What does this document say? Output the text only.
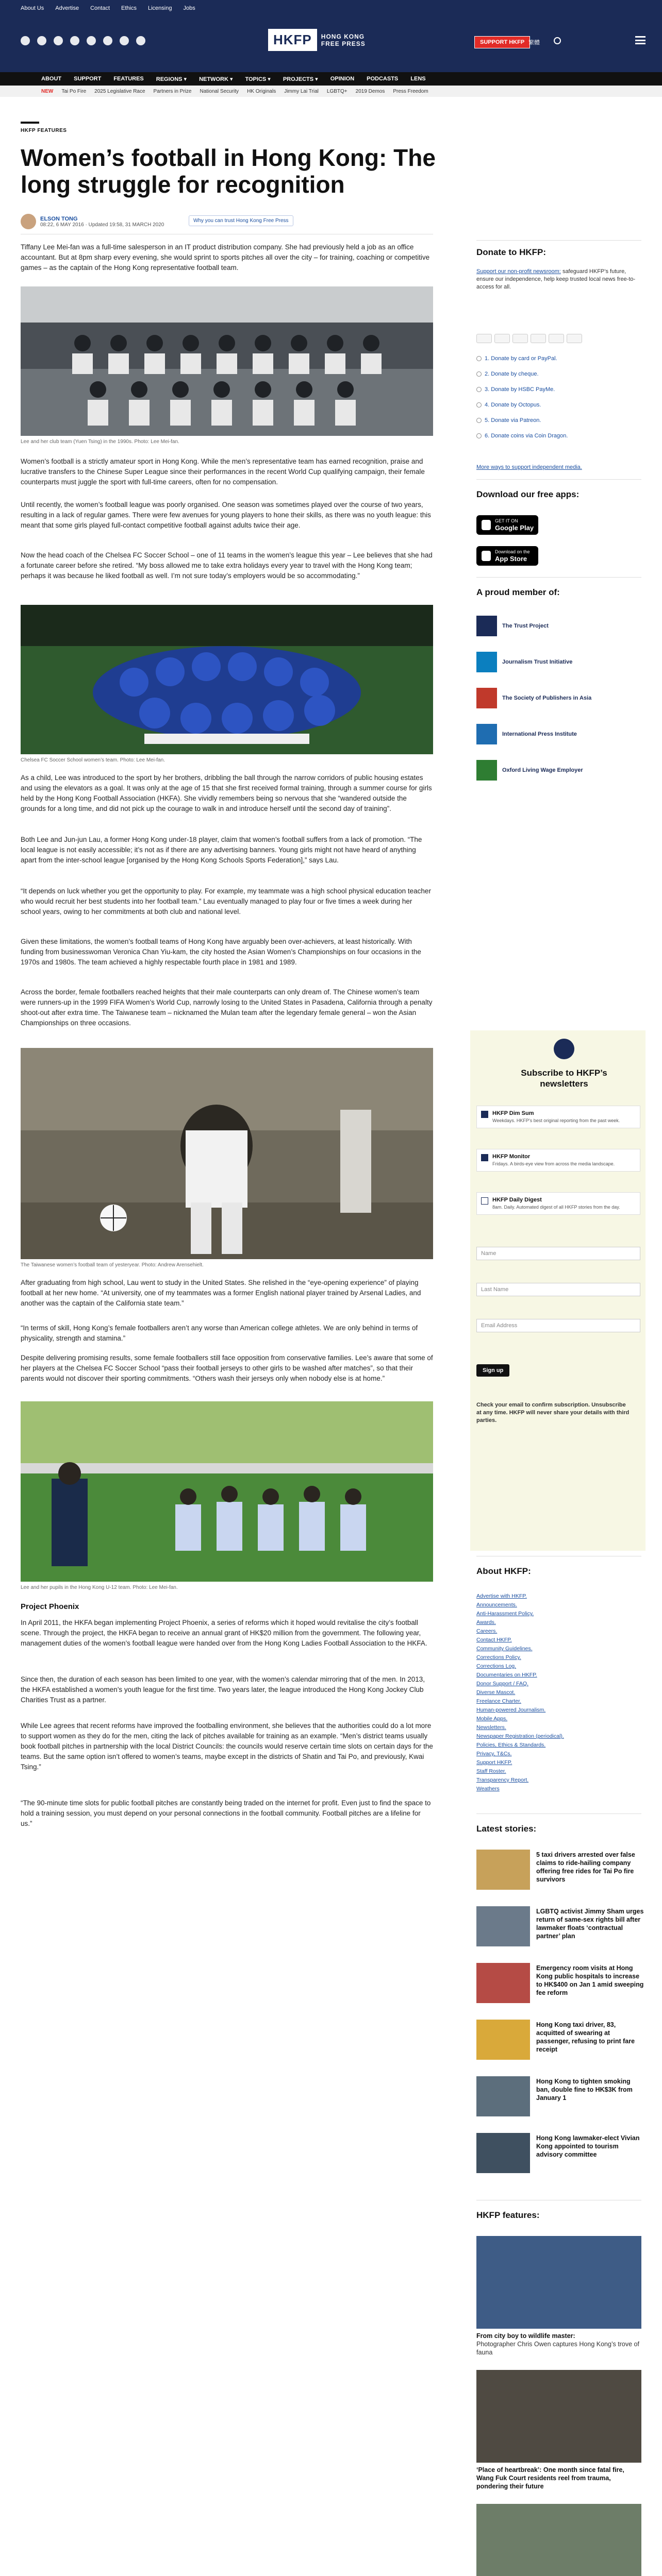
About Us Advertise Contact Ethics Licensing Jobs
HKFP	HONG KONG
FREE PRESS	SUPPORT HKFP 繁體
ABOUT SUPPORT FEATURES REGIONS ▾ NETWORK ▾ TOPICS ▾ PROJECTS ▾ OPINION PODCASTS LENS
NEW Tai Po Fire 2025 Legislative Race Partners in Prize National Security HK Originals Jimmy Lai Trial LGBTQ+ 2019 Demos Press Freedom
HKFP FEATURES
Women’s football in Hong Kong: The long struggle for recognition
ELSON TONG
08:22, 6 MAY 2016 · Updated 19:58, 31 MARCH 2020
Why you can trust Hong Kong Free Press

Tiffany Lee Mei-fan was a full-time salesperson in an IT product distribution company. She had previously held a job as an office accountant. But at 8pm sharp every evening, she would sprint to sports pitches all over the city – for training, coaching or competitive games – as the captain of the Hong Kong representative football team.

Lee and her club team (Yuen Tsing) in the 1990s. Photo: Lee Mei-fan.

Women’s football is a strictly amateur sport in Hong Kong. While the men’s representative team has earned recognition, praise and lucrative transfers to the Chinese Super League since their performances in the recent World Cup qualifying campaign, their female counterparts must juggle the sport with full-time careers, often for no compensation.

Until recently, the women’s football league was poorly organised. One season was sometimes played over the course of two years, resulting in a lack of regular games. There were few avenues for young players to hone their skills, as there was no youth league: this meant that some girls played full-contact competitive football against adults twice their age.

Now the head coach of the Chelsea FC Soccer School – one of 11 teams in the women’s league this year – Lee believes that she had a fortunate career before she retired. “My boss allowed me to take extra holidays every year to travel with the Hong Kong team; perhaps it was because he liked football as well. I’m not sure today’s employers would be so accommodating.”

Chelsea FC Soccer School women’s team. Photo: Lee Mei-fan.

As a child, Lee was introduced to the sport by her brothers, dribbling the ball through the narrow corridors of public housing estates and using the elevators as a goal. It was only at the age of 15 that she first received formal training, through a summer course for girls held by the Hong Kong Football Association (HKFA). She vividly remembers being so nervous that she “wandered outside the grounds for a long time, and did not pick up the courage to walk in and introduce herself until the second day of training”.

Both Lee and Jun-jun Lau, a former Hong Kong under-18 player, claim that women’s football suffers from a lack of promotion. “The local league is not easily accessible; it’s not as if there are any advertising banners. Young girls might not have heard of anything apart from the inter-school league [organised by the Hong Kong Schools Sports Federation],” says Lau.

“It depends on luck whether you get the opportunity to play. For example, my teammate was a high school physical education teacher who would recruit her best students into her football team.” Lau eventually managed to play four or five times a week during her school years, owing to her commitments at both club and national level.

Given these limitations, the women’s football teams of Hong Kong have arguably been over-achievers, at least historically. With funding from businesswoman Veronica Chan Yiu-kam, the city hosted the Asian Women’s Championships on four occasions in the 1970s and 1980s. The team achieved a highly respectable fourth place in 1981 and 1989.

Across the border, female footballers reached heights that their male counterparts can only dream of. The Chinese women’s team were runners-up in the 1999 FIFA Women’s World Cup, narrowly losing to the United States in Pasadena, California through a penalty shoot-out after extra time. The Taiwanese team – nicknamed the Mulan team after the legendary female general – won the Asian Championships on three occasions.

The Taiwanese women’s football team of yesteryear. Photo: Andrew Arensehielt.

After graduating from high school, Lau went to study in the United States. She relished in the “eye-opening experience” of playing football at her new home. “At university, one of my teammates was a former English national player trained by Arsenal Ladies, and another was the captain of the California state team.”

“In terms of skill, Hong Kong’s female footballers aren’t any worse than American college athletes. We are only behind in terms of physicality, strength and stamina.”

Despite delivering promising results, some female footballers still face opposition from conservative families. Lee’s aware that some of her players at the Chelsea FC Soccer School “pass their football jerseys to other girls to be washed after matches”, so that their parents would not discover their sporting commitments. “Others wash their jerseys only when nobody else is at home.”

Lee and her pupils in the Hong Kong U-12 team. Photo: Lee Mei-fan.
Project Phoenix

In April 2011, the HKFA began implementing Project Phoenix, a series of reforms which it hoped would revitalise the city’s football scene. Through the project, the HKFA began to receive an annual grant of HK$20 million from the government. The following year, management duties of the women’s football league were handed over from the Hong Kong Ladies Football Association to the HKFA.

Since then, the duration of each season has been limited to one year, with the women’s calendar mirroring that of the men. In 2013, the HKFA established a women’s youth league for the first time. Two years later, the league introduced the Hong Kong Jockey Club Charities Trust as a partner.

While Lee agrees that recent reforms have improved the footballing environment, she believes that the authorities could do a lot more to support women as they do for the men, citing the lack of pitches available for training as an example. “Men’s district teams usually book football pitches in partnership with the local District Councils: the councils would reserve certain time slots on certain days for the teams. But the same option isn’t offered to women’s teams, maybe except in the districts of Shatin and Tai Po, and previously, Kwai Tsing.”

“The 90-minute time slots for public football pitches are constantly being traded on the internet for profit. Even just to find the space to hold a training session, you must depend on your personal connections in the football community. Football pitches are a lifeline for us.”

Donate to HKFP:
Support our non-profit newsroom: safeguard HKFP’s future, ensure our independence, help keep trusted local news free-to-access for all.
1. Donate by card or PayPal.
2. Donate by cheque.
3. Donate by HSBC PayMe.
4. Donate by Octopus.
5. Donate via Patreon.
6. Donate coins via Coin Dragon.
More ways to support independent media.
Download our free apps:
GET IT ON
Google Play
Download on the
App Store
A proud member of:
The Trust Project
Journalism Trust Initiative
The Society of Publishers in Asia
International Press Institute
Oxford Living Wage Employer
Subscribe to HKFP’s newsletters
HKFP Dim Sum
Weekdays. HKFP’s best original reporting from the past week.
HKFP Monitor
Fridays. A birds-eye view from across the media landscape.
HKFP Daily Digest
8am. Daily. Automated digest of all HKFP stories from the day.
Name
Last Name
Email Address
Sign up
Check your email to confirm subscription. Unsubscribe at any time. HKFP will never share your details with third parties.
About HKFP:
Advertise with HKFP.
Announcements.
Anti-Harassment Policy.
Awards.
Careers.
Contact HKFP.
Community Guidelines.
Corrections Policy.
Corrections Log.
Documentaries on HKFP.
Donor Support / FAQ.
Diverse Mascot.
Freelance Charter.
Human-powered Journalism.
Mobile Apps.
Newsletters.
Newspaper Registration (periodical).
Policies, Ethics & Standards.
Privacy, T&Cs.
Support HKFP.
Staff Roster.
Transparency Report.
Weathers
Latest stories:
5 taxi drivers arrested over false claims to ride-hailing company offering free rides for Tai Po fire survivors
LGBTQ activist Jimmy Sham urges return of same-sex rights bill after lawmaker floats ‘contractual partner’ plan
Emergency room visits at Hong Kong public hospitals to increase to HK$400 on Jan 1 amid sweeping fee reform
Hong Kong taxi driver, 83, acquitted of swearing at passenger, refusing to print fare receipt
Hong Kong to tighten smoking ban, double fine to HK$3K from January 1
Hong Kong lawmaker-elect Vivian Kong appointed to tourism advisory committee
HKFP features:
From city boy to wildlife master:
Photographer Chris Owen captures Hong Kong’s trove of fauna
‘Place of heartbreak’: One month since fatal fire, Wang Fuk Court residents reel from trauma, pondering their future
